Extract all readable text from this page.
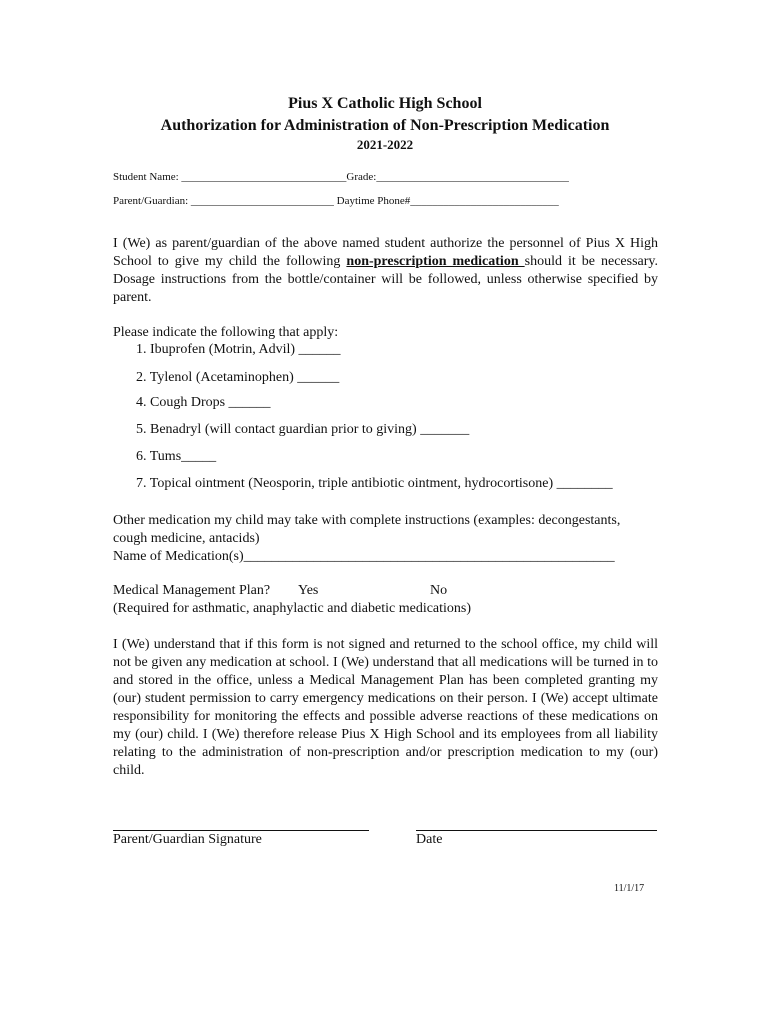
Pius X Catholic High School
Authorization for Administration of Non-Prescription Medication
2021-2022
Student Name: ______________________________Grade:___________________________________
Parent/Guardian: __________________________ Daytime Phone#___________________________
I (We) as parent/guardian of the above named student authorize the personnel of Pius X High School to give my child the following non-prescription medication should it be necessary. Dosage instructions from the bottle/container will be followed, unless otherwise specified by parent.
Please indicate the following that apply:
1. Ibuprofen (Motrin, Advil) ______
2. Tylenol (Acetaminophen) ______
4. Cough Drops ______
5. Benadryl (will contact guardian prior to giving) _______
6. Tums_____
7. Topical ointment (Neosporin, triple antibiotic ointment, hydrocortisone) ________
Other medication my child may take with complete instructions (examples: decongestants, cough medicine, antacids)
Name of Medication(s)_____________________________________________________
Medical Management Plan? Yes	No
(Required for asthmatic, anaphylactic and diabetic medications)
I (We) understand that if this form is not signed and returned to the school office, my child will not be given any medication at school. I (We) understand that all medications will be turned in to and stored in the office, unless a Medical Management Plan has been completed granting my (our) student permission to carry emergency medications on their person. I (We) accept ultimate responsibility for monitoring the effects and possible adverse reactions of these medications on my (our) child. I (We) therefore release Pius X High School and its employees from all liability relating to the administration of non-prescription and/or prescription medication to my (our) child.
Parent/Guardian Signature	Date
11/1/17
